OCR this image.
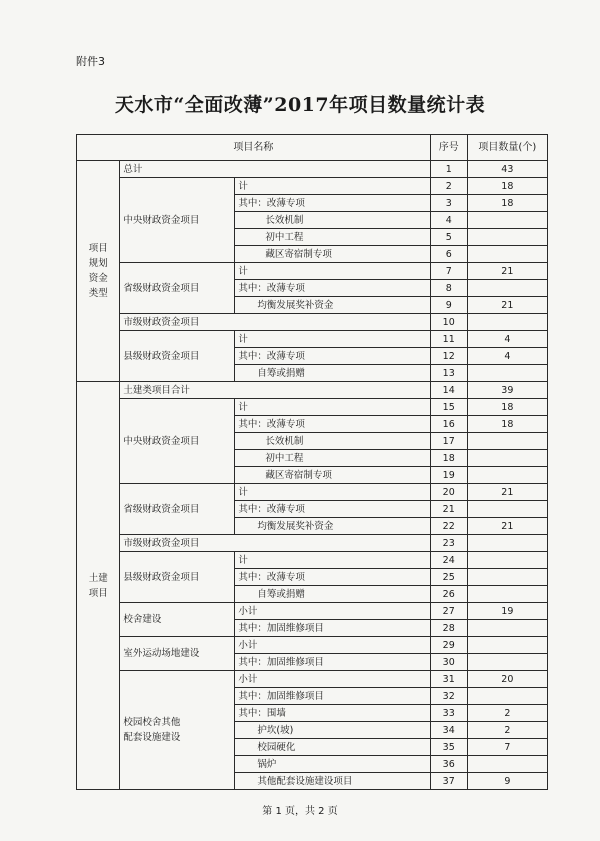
附件3
天水市“全面改薄”2017年项目数量统计表
项目名称			序号	项目数量(个)
项目
规划
资金
类型	总计		1	43
	中央财政资金项目	计	2	18
		其中：改薄专项	3	18
		长效机制	4	
		初中工程	5	
		藏区寄宿制专项	6	
	省级财政资金项目	计	7	21
		其中：改薄专项	8	
		均衡发展奖补资金	9	21
	市级财政资金项目		10	
	县级财政资金项目	计	11	4
		其中：改薄专项	12	4
		自筹或捐赠	13	
土建
项目	土建类项目合计		14	39
	中央财政资金项目	计	15	18
		其中：改薄专项	16	18
		长效机制	17	
		初中工程	18	
		藏区寄宿制专项	19	
	省级财政资金项目	计	20	21
		其中：改薄专项	21	
		均衡发展奖补资金	22	21
	市级财政资金项目		23	
	县级财政资金项目	计	24	
		其中：改薄专项	25	
		自筹或捐赠	26	
	校舍建设	小计	27	19
		其中：加固维修项目	28	
	室外运动场地建设	小计	29	
		其中：加固维修项目	30	
	校园校舍其他
配套设施建设	小计	31	20
		其中：加固维修项目	32	
		其中：围墙	33	2
		护坎(坡)	34	2
		校园硬化	35	7
		锅炉	36	
		其他配套设施建设项目	37	9
第 1 页，共 2 页
